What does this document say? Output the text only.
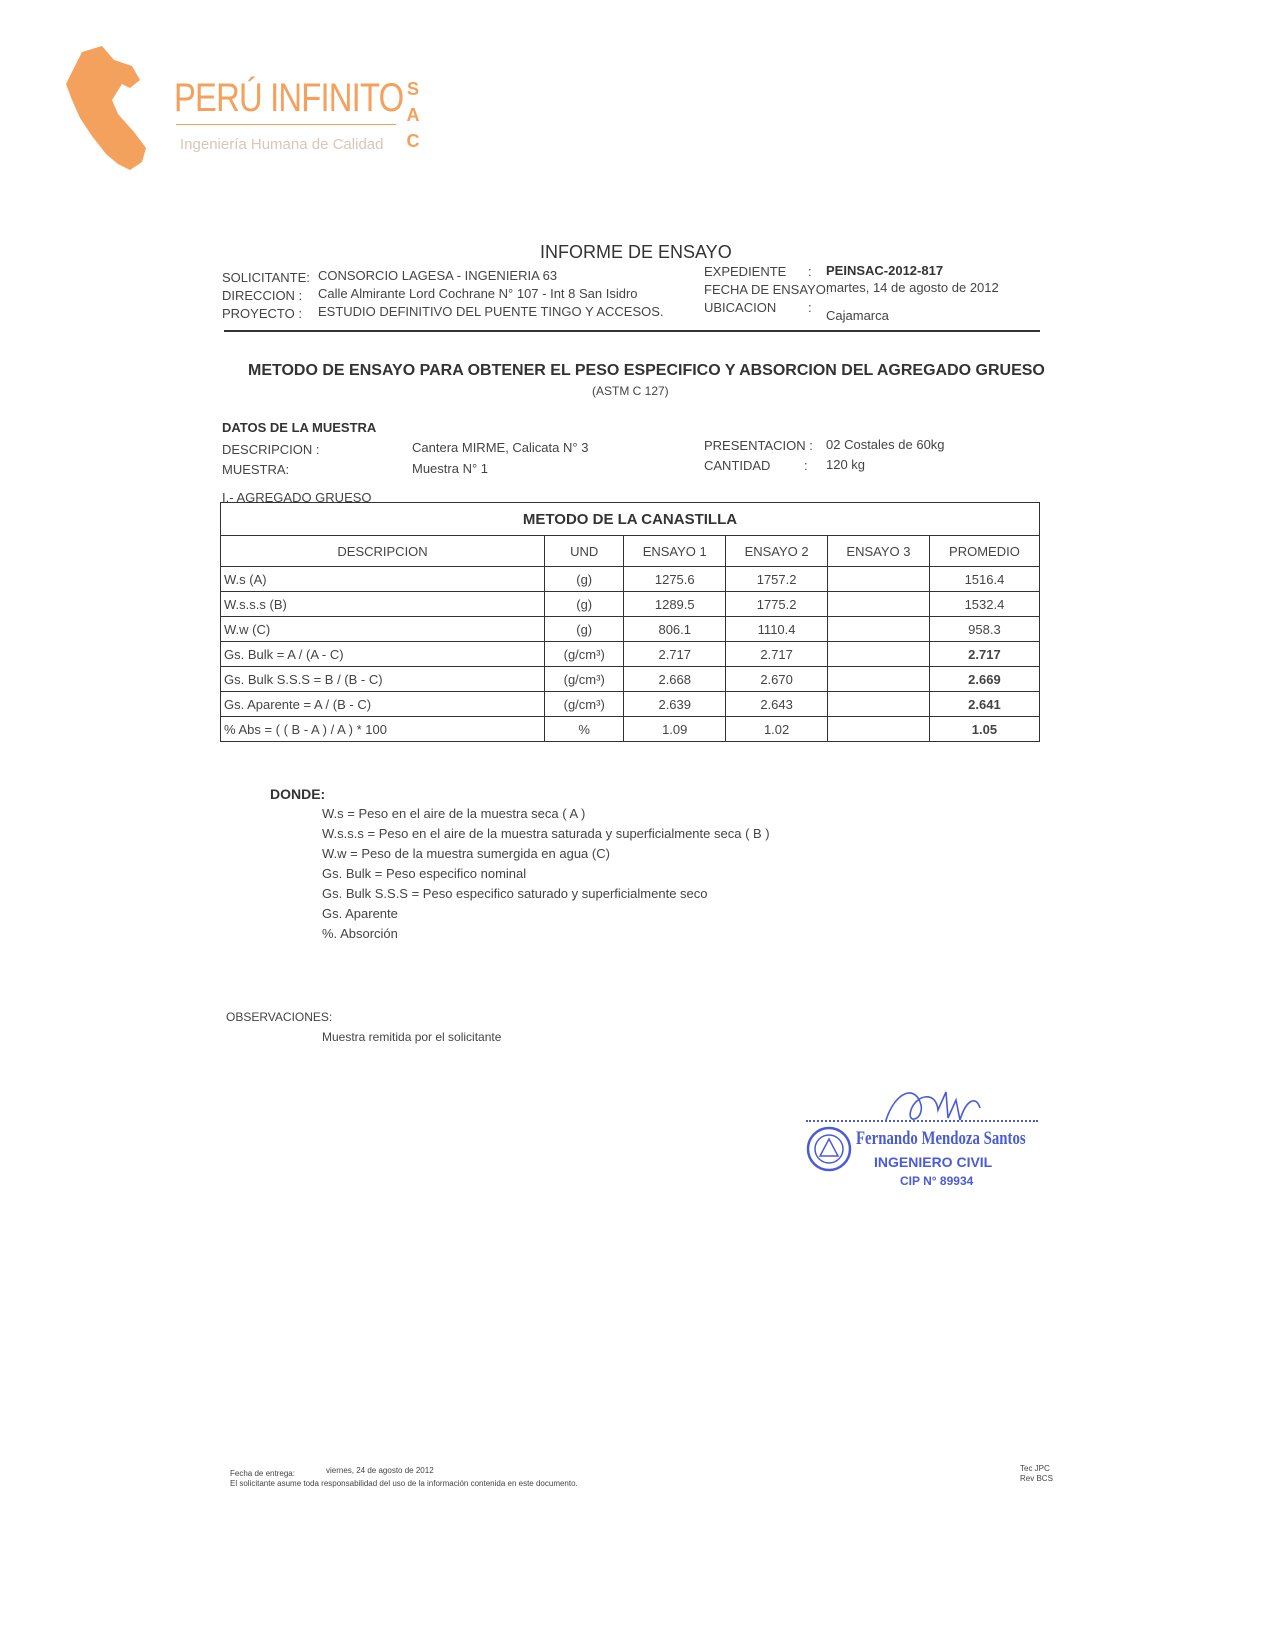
PERÚ INFINITO S
A
C
Ingeniería Humana de Calidad
INFORME DE ENSAYO
SOLICITANTE: CONSORCIO LAGESA - INGENIERIA 63
DIRECCION : Calle Almirante Lord Cochrane N° 107 - Int 8 San Isidro
PROYECTO : ESTUDIO DEFINITIVO DEL PUENTE TINGO Y ACCESOS.
EXPEDIENTE : PEINSAC-2012-817
FECHA DE ENSAYO:
martes, 14 de agosto de 2012
UBICACION :
Cajamarca
METODO DE ENSAYO PARA OBTENER EL PESO ESPECIFICO Y ABSORCION DEL AGREGADO GRUESO
(ASTM C 127)
DATOS DE LA MUESTRA
DESCRIPCION :	Cantera MIRME, Calicata N° 3
MUESTRA:	Muestra N° 1
PRESENTACION : 02 Costales de 60kg
CANTIDAD	: 120 kg
I.- AGREGADO GRUESO
METODO DE LA CANASTILLA					
DESCRIPCION	UND	ENSAYO 1	ENSAYO 2	ENSAYO 3	PROMEDIO
W.s (A)	(g)	1275.6	1757.2		1516.4
W.s.s.s (B)	(g)	1289.5	1775.2		1532.4
W.w (C)	(g)	806.1	1110.4		958.3
Gs. Bulk = A / (A - C)	(g/cm³)	2.717	2.717		2.717
Gs. Bulk S.S.S = B / (B - C)	(g/cm³)	2.668	2.670		2.669
Gs. Aparente = A / (B - C)	(g/cm³)	2.639	2.643		2.641
% Abs = ( ( B - A ) / A ) * 100	%	1.09	1.02		1.05
DONDE:
W.s = Peso en el aire de la muestra seca ( A )
W.s.s.s = Peso en el aire de la muestra saturada y superficialmente seca ( B )
W.w = Peso de la muestra sumergida en agua (C)
Gs. Bulk = Peso especifico nominal
Gs. Bulk S.S.S = Peso especifico saturado y superficialmente seco
Gs. Aparente
%. Absorción
OBSERVACIONES:
Muestra remitida por el solicitante
Fernando Mendoza Santos
INGENIERO CIVIL
CIP N° 89934
Fecha de entrega:	viernes, 24 de agosto de 2012
El solicitante asume toda responsabilidad del uso de la información contenida en este documento.
Tec JPC
Rev BCS
